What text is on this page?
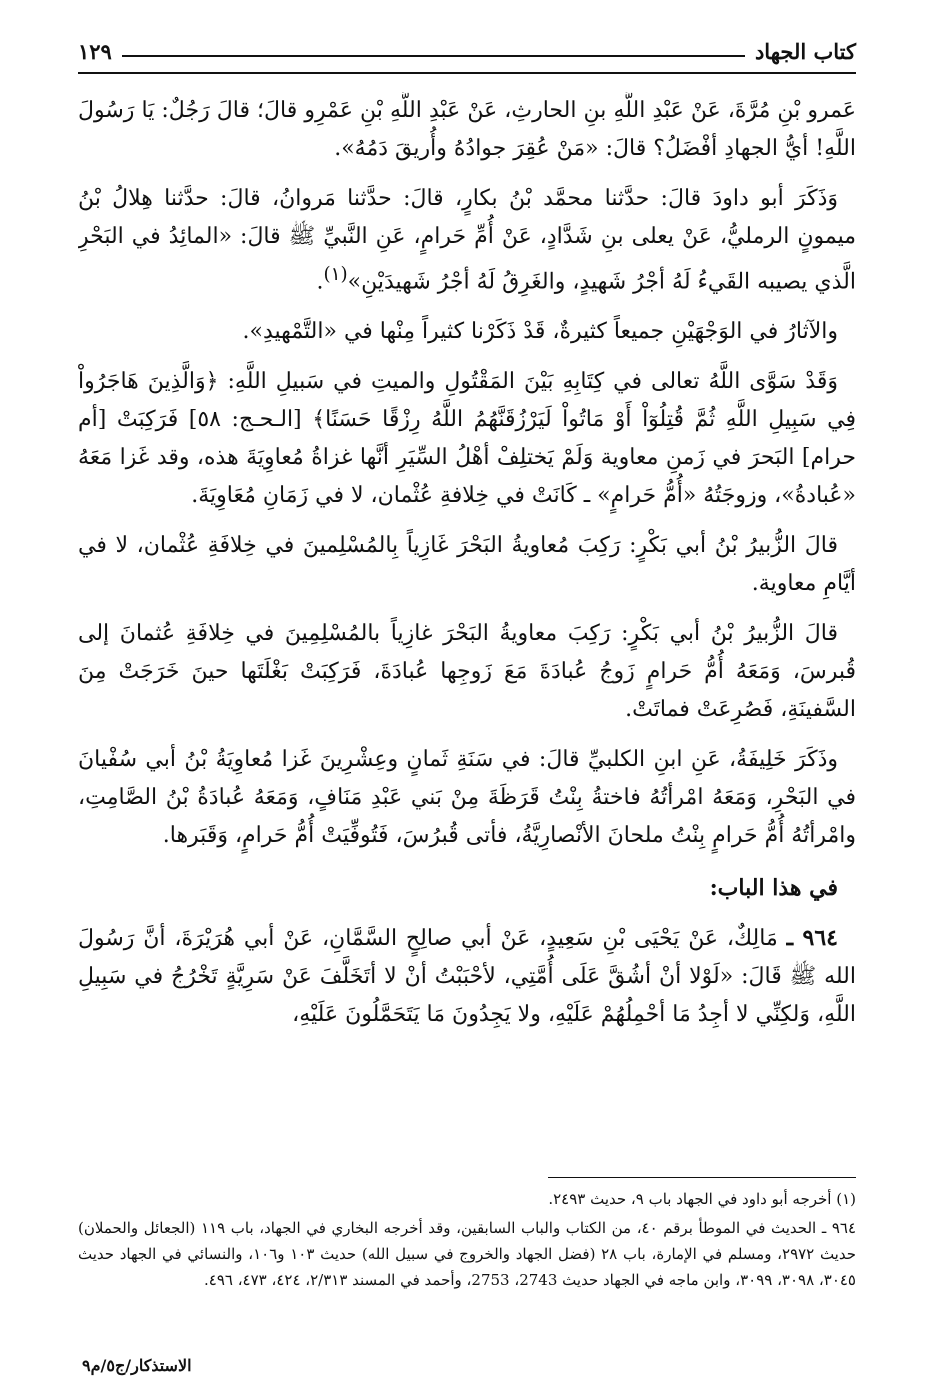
كتاب الجهاد
١٢٩

عَمرو بْنِ مُرَّةَ، عَنْ عَبْدِ اللَّهِ بنِ الحارثِ، عَنْ عَبْدِ اللَّهِ بْنِ عَمْرِو قالَ؛ قالَ رَجُلٌ: يَا رَسُولَ اللَّهِ! أيُّ الجهادِ أفْضَلُ؟ قالَ: «مَنْ عُقِرَ جوادُهُ وأُريقَ دَمُهُ».

وَذَكَرَ أبو داودَ قالَ: حدَّثنا محمَّد بْنُ بكارٍ، قالَ: حدَّثنا مَروانُ، قالَ: حدَّثنا هِلالُ بْنُ ميمونٍ الرمليُّ، عَنْ يعلى بنِ شَدَّادٍ، عَنْ أُمِّ حَرامٍ، عَنِ النَّبيِّ ﷺ قالَ: «المائِدُ في البَحْرِ الَّذي يصيبه القَيءُ لَهُ أجْرُ شَهيدٍ، والغَرِقُ لَهُ أجْرُ شَهيدَيْنِ»$^{(١)}$.

والآثارُ في الوَجْهَيْنِ جميعاً كثيرةٌ، قَدْ ذَكَرْنا كثيراً مِنْها في «التَّمْهيدِ».

وَقَدْ سَوَّى اللَّهُ تعالى في كِتَابِهِ بَيْنَ المَقْتُولِ والميتِ في سَبيلِ اللَّهِ: ﴿وَالَّذِينَ هَاجَرُواْ فِي سَبِيلِ اللَّهِ ثُمَّ قُتِلُوٓاْ أَوْ مَاتُواْ لَيَرْزُقَنَّهُمُ اللَّهُ رِزْقًا حَسَنًا﴾ [الـحـج: ٥٨] فَرَكِبَتْ [أم حرام] البَحرَ في زَمنِ معاوية وَلَمْ يَختلِفْ أهْلُ السِّيَرِ أنَّها غزاةُ مُعاوِيَةَ هذه، وقد غَزا مَعَهُ «عُبادةُ»، وزوجَتُهُ «أُمُّ حَرامٍ» ـ كَانَتْ في خِلافةِ عُثْمان، لا في زَمَانِ مُعَاوِيَةَ.

قالَ الزُّبيرُ بْنُ أبي بَكْرٍ: رَكِبَ مُعاويةُ البَحْرَ غَازِياً بِالمُسْلِمينَ في خِلافَةِ عُثْمان، لا في أيَّامِ معاوية.

قالَ الزُّبيرُ بْنُ أبي بَكْرٍ: رَكِبَ معاويةُ البَحْرَ غازِياً بالمُسْلِمِينَ في خِلافَةِ عُثمانَ إلى قُبرسَ، وَمَعَهُ أُمُّ حَرامٍ زَوجُ عُبادَةَ مَعَ زَوجِها عُبادَةَ، فَرَكِبَتْ بَغْلَتَها حينَ خَرَجَتْ مِنَ السَّفينَةِ، فَصُرِعَتْ فماتَتْ.

وذَكَرَ خَلِيفَةُ، عَنِ ابنِ الكلبيِّ قالَ: في سَنَةِ ثَمانٍ وعِشْرِينَ غَزا مُعاوِيَةُ بْنُ أبي سُفْيانَ في البَحْرِ، وَمَعَهُ امْرأتُهُ فاختةُ بِنْتُ قَرَظَةَ مِنْ بَني عَبْدِ مَنَافٍ، وَمَعَهُ عُبادَةُ بْنُ الصَّامِتِ، وامْرأتُهُ أُمُّ حَرامٍ بِنْتُ ملحانَ الأنْصارِيَّةُ، فأتى قُبرُسَ، فَتُوفِّيَتْ أُمُّ حَرامٍ، وَقَبَرها.

في هذا الباب:

٩٦٤ ـ مَالِكٌ، عَنْ يَحْيَى بْنِ سَعِيدٍ، عَنْ أبي صالِحٍ السَّمَّانِ، عَنْ أبي هُرَيْرَةَ، أنَّ رَسُولَ الله ﷺ قَالَ: «لَوْلا أنْ أشُقَّ عَلَى أُمَّتِي، لأحْبَبْتُ أنْ لا أتَخَلَّفَ عَنْ سَرِيَّةٍ تَخْرُجُ في سَبِيلِ اللَّهِ، وَلكِنِّي لا أجِدُ مَا أحْمِلُهُمْ عَلَيْهِ، ولا يَجِدُونَ مَا يَتَحَمَّلُونَ عَلَيْهِ،

(١) أخرجه أبو داود في الجهاد باب ٩، حديث ٢٤٩٣.

٩٦٤ ـ الحديث في الموطأ برقم ٤٠، من الكتاب والباب السابقين، وقد أخرجه البخاري في الجهاد، باب ١١٩ (الجعائل والحملان) حديث ٢٩٧٢، ومسلم في الإمارة، باب ٢٨ (فضل الجهاد والخروج في سبيل الله) حديث ١٠٣ و١٠٦، والنسائي في الجهاد حديث ٣٠٤٥، ٣٠٩٨، ٣٠٩٩، وابن ماجه في الجهاد حديث 2743، 2753، وأحمد في المسند ٢/٣١٣، ٤٢٤، ٤٧٣، ٤٩٦.

الاستذكار/ج٥/م٩
